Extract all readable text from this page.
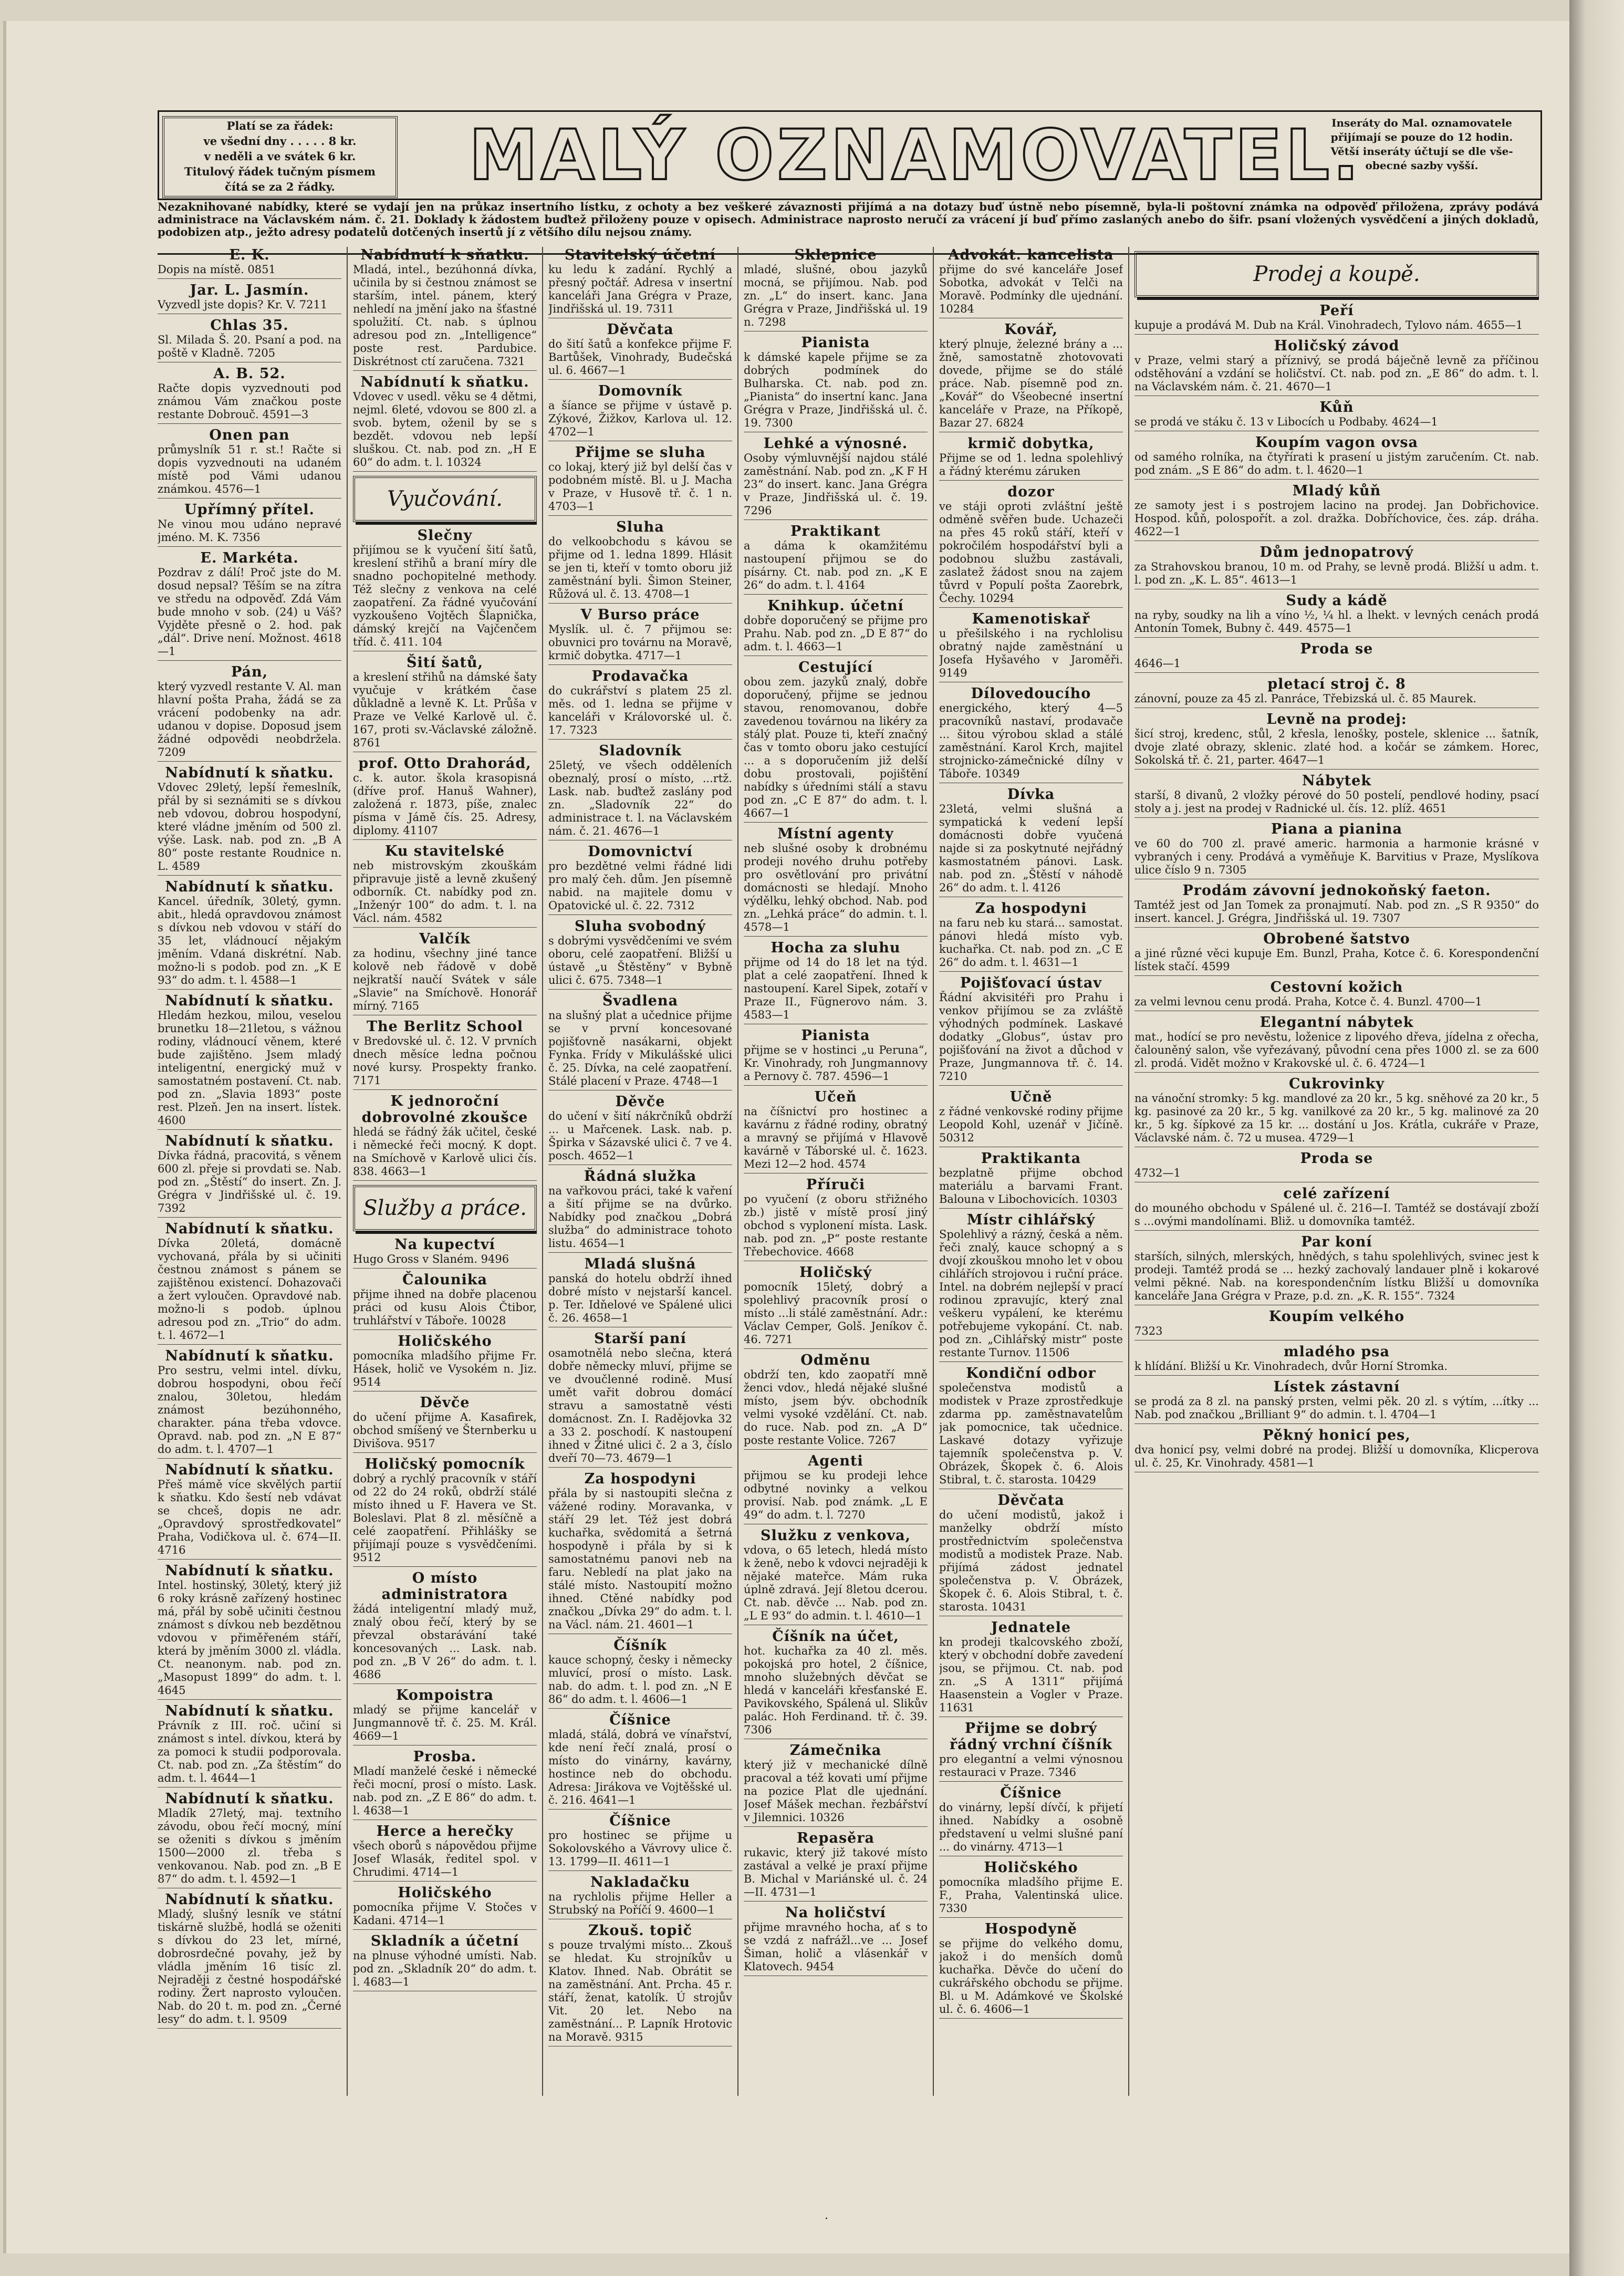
Platí se za řádek:
ve všední dny . . . . . 8 kr.
v neděli a ve svátek 6 kr.
Titulový řádek tučným písmem
čítá se za 2 řádky.	MALÝ OZNAMOVATEL.
Inseráty do Mal. oznamovatele
přijímají se pouze do 12 hodin.
Větší inseráty účtují se dle vše-
obecné sazby vyšší.
Nezaknihované nabídky, které se vydají jen na průkaz insertního lístku, z ochoty a bez veškeré závaznosti přijímá a na dotazy buď ústně nebo písemně, byla-li poštovní známka na odpověď přiložena, zprávy podává administrace na Václavském nám. č. 21. Doklady k žádostem buďtež přiloženy pouze v opisech. Administrace naprosto neručí za vrácení jí buď přímo zaslaných anebo do šifr. psaní vložených vysvědčení a jiných dokladů, podobizen atp., ježto adresy podatelů dotčených insertů jí z většího dílu nejsou známy.
E. K.
Dopis na místě. 0851
Jar. L. Jasmín.
Vyzvedl jste dopis? Kr. V. 7211
Chlas 35.
Sl. Milada Š. 20. Psaní a pod. na poště v Kladně. 7205
A. B. 52.
Račte dopis vyzvednouti pod známou Vám značkou poste restante Dobrouč. 4591—3
Onen pan
průmyslník 51 r. st.! Račte si dopis vyzvednouti na udaném místě pod Vámi udanou známkou. 4576—1
Upřímný přítel.
Ne vinou mou udáno nepravé jméno. M. K. 7356
E. Markéta.
Pozdrav z dálí! Proč jste do M. dosud nepsal? Těším se na zítra ve středu na odpověď. Zdá Vám bude mnoho v sob. (24) u Váš? Vyjděte přesně o 2. hod. pak „dál“. Drive není. Možnost. 4618—1
Pán,
který vyzvedl restante V. Al. man hlavní pošta Praha, žádá se za vrácení podobenky na adr. udanou v dopise. Doposud jsem žádné odpovědi neobdržela. 7209
Nabídnutí k sňatku.
Vdovec 29letý, lepší řemeslník, přál by si seznámiti se s dívkou neb vdovou, dobrou hospodyní, které vládne jměním od 500 zl. výše. Lask. nab. pod zn. „B A 80“ poste restante Roudnice n. L. 4589
Nabídnutí k sňatku.
Kancel. úředník, 30letý, gymn. abit., hledá opravdovou známost s dívkou neb vdovou v stáří do 35 let, vládnoucí nějakým jměním. Vdaná diskrétní. Nab. možno-li s podob. pod zn. „K E 93“ do adm. t. l. 4588—1
Nabídnutí k sňatku.
Hledám hezkou, milou, veselou brunetku 18—21letou, s vážnou rodiny, vládnoucí věnem, které bude zajištěno. Jsem mladý inteligentní, energický muž v samostatném postavení. Ct. nab. pod zn. „Slavia 1893“ poste rest. Plzeň. Jen na insert. lístek. 4600
Nabídnutí k sňatku.
Dívka řádná, pracovitá, s věnem 600 zl. přeje si provdati se. Nab. pod zn. „Štěstí“ do insert. Zn. J. Grégra v Jindřišské ul. č. 19. 7392
Nabídnutí k sňatku.
Dívka 20letá, domácně vychovaná, přála by si učiniti čestnou známost s pánem se zajištěnou existencí. Dohazovači a žert vyloučen. Opravdové nab. možno-li s podob. úplnou adresou pod zn. „Trio“ do adm. t. l. 4672—1
Nabídnutí k sňatku.
Pro sestru, velmi intel. dívku, dobrou hospodyni, obou řečí znalou, 30letou, hledám známost bezúhonného, charakter. pána třeba vdovce. Opravd. nab. pod zn. „N E 87“ do adm. t. l. 4707—1
Nabídnutí k sňatku.
Přeš mámě více skvělých partií k sňatku. Kdo šestí neb vdávat se chceš, dopis ne adr. „Opravdový sprostředkovatel“ Praha, Vodičkova ul. č. 674—II. 4716
Nabídnutí k sňatku.
Intel. hostinský, 30letý, který již 6 roky krásně zařízený hostinec má, přál by sobě učiniti čestnou známost s dívkou neb bezdětnou vdovou v přiměřeném stáří, která by jměním 3000 zl. vládla. Ct. neanonym. nab. pod zn. „Masopust 1899“ do adm. t. l. 4645
Nabídnutí k sňatku.
Právník z III. roč. učiní si známost s intel. dívkou, která by za pomoci k studii podporovala. Ct. nab. pod zn. „Za štěstím“ do adm. t. l. 4644—1
Nabídnutí k sňatku.
Mladík 27letý, maj. textního závodu, obou řečí mocný, míní se oženiti s dívkou s jměním 1500—2000 zl. třeba s venkovanou. Nab. pod zn. „B E 87“ do adm. t. l. 4592—1
Nabídnutí k sňatku.
Mladý, slušný lesník ve státní tiskárně službě, hodlá se oženiti s dívkou do 23 let, mírné, dobrosrdečné povahy, jež by vládla jměním 16 tisíc zl. Nejraději z čestné hospodářské rodiny. Žert naprosto vyloučen. Nab. do 20 t. m. pod zn. „Černé lesy“ do adm. t. l. 9509
Nabídnutí k sňatku.
Mladá, intel., bezúhonná dívka, učinila by si čestnou známost se starším, intel. pánem, který nehledí na jmění jako na šťastné spolužití. Ct. nab. s úplnou adresou pod zn. „Intelligence“ poste rest. Pardubice. Diskrétnost ctí zaručena. 7321
Nabídnutí k sňatku.
Vdovec v usedl. věku se 4 dětmi, nejml. 6leté, vdovou se 800 zl. a svob. bytem, oženil by se s bezdět. vdovou neb lepší sluškou. Ct. nab. pod zn. „H E 60“ do adm. t. l. 10324
Vyučování.
Slečny
přijímou se k vyučení šití šatů, kreslení střihů a braní míry dle snadno pochopitelné methody. Též slečny z venkova na celé zaopatření. Za řádné vyučování vyzkoušeno Vojtěch Šlapnička, dámský krejčí na Vajčenčem tříd. č. 411. 104
Šití šatů,
a kreslení střihů na dámské šaty vyučuje v krátkém čase důkladně a levně K. Lt. Průša v Praze ve Velké Karlově ul. č. 167, proti sv.-Václavské záložně. 8761
prof. Otto Drahorád,
c. k. autor. škola krasopisná (dříve prof. Hanuš Wahner), založená r. 1873, píše, znalec písma v Jámě čís. 25. Adresy, diplomy. 41107
Ku stavitelské
neb mistrovským zkouškám připravuje jistě a levně zkušený odborník. Ct. nabídky pod zn. „Inženýr 100“ do adm. t. l. na Václ. nám. 4582
Valčík
za hodinu, všechny jiné tance kolově neb řádově v době nejkratší naučí Svátek v sále „Slavie“ na Smíchově. Honorář mírný. 7165
The Berlitz School
v Bredovské ul. č. 12. V prvních dnech měsíce ledna počnou nové kursy. Prospekty franko. 7171
K jednoroční dobrovolné zkoušce
hledá se řádný žák učitel, české i německé řeči mocný. K dopt. na Smíchově v Karlově ulici čís. 838. 4663—1
Služby a práce.
Na kupectví
Hugo Gross v Slaném. 9496
Čalounika
přijme ihned na dobře placenou práci od kusu Alois Čtibor, truhlářství v Táboře. 10028
Holičského
pomocníka mladšího přijme Fr. Hásek, holič ve Vysokém n. Jiz. 9514
Děvče
do učení přijme A. Kasafirek, obchod smíšený ve Šternberku u Divišova. 9517
Holičský pomocník
dobrý a rychlý pracovník v stáří od 22 do 24 roků, obdrží stálé místo ihned u F. Havera ve St. Boleslavi. Plat 8 zl. měsíčně a celé zaopatření. Přihlášky se přijímají pouze s vysvědčeními. 9512
O místo administratora
žádá inteligentní mladý muž, znalý obou řečí, který by se převzal obstarávání také koncesovaných ... Lask. nab. pod zn. „B V 26“ do adm. t. l. 4686
Kompoistra
mladý se přijme kancelář v Jungmannově tř. č. 25. M. Král. 4669—1
Prosba.
Mladí manželé české i německé řeči mocní, prosí o místo. Lask. nab. pod zn. „Z E 86“ do adm. t. l. 4638—1
Herce a herečky
všech oborů s nápovědou přijme Josef Wlasák, ředitel spol. v Chrudimi. 4714—1
Holičského
pomocníka přijme V. Stočes v Kadani. 4714—1
Skladník a účetní
na plnuse výhodné umísti. Nab. pod zn. „Skladník 20“ do adm. t. l. 4683—1
Stavitelský účetní
ku ledu k zadání. Rychlý a přesný počtář. Adresa v insertní kanceláři Jana Grégra v Praze, Jindřišská ul. 19. 7311
Děvčata
do šití šatů a konfekce přijme F. Bartůšek, Vinohrady, Budečská ul. 6. 4667—1
Domovník
a šíance se přijme v ústavě p. Zýkové, Žižkov, Karlova ul. 12. 4702—1
Přijme se sluha
co lokaj, který již byl delší čas v podobném místě. Bl. u J. Macha v Praze, v Husově tř. č. 1 n. 4703—1
Sluha
do velkoobchodu s kávou se přijme od 1. ledna 1899. Hlásit se jen ti, kteří v tomto oboru již zaměstnání byli. Šimon Steiner, Růžová ul. č. 13. 4708—1
V Burso práce
Myslík. ul. č. 7 přijmou se: obuvnici pro továrnu na Moravě, krmič dobytka. 4717—1
Prodavačka
do cukrářství s platem 25 zl. měs. od 1. ledna se přijme v kanceláři v Královorské ul. č. 17. 7323
Sladovník
25letý, ve všech odděleních obeznalý, prosí o místo, ...rtž. Lask. nab. buďtež zaslány pod zn. „Sladovník 22“ do administrace t. l. na Václavském nám. č. 21. 4676—1
Domovnictví
pro bezdětné velmi řádné lidi pro malý čeh. dům. Jen písemně nabid. na majitele domu v Opatovické ul. č. 22. 7312
Sluha svobodný
s dobrými vysvědčeními ve svém oboru, celé zaopatření. Bližší u ústavě „u Štěstěny“ v Bybně ulici č. 675. 7348—1
Švadlena
na slušný plat a učednice přijme se v první koncesované pojišťovně nasákarni, objekt Fynka. Frídy v Mikulášské ulici č. 25. Dívka, na celé zaopatření. Stálé placení v Praze. 4748—1
Děvče
do učení v šití nákrčníků obdrží ... u Mařcenek. Lask. nab. p. Špirka v Sázavské ulici č. 7 ve 4. posch. 4652—1
Řádná služka
na vařkovou práci, také k vaření a šití přijme se na dvůrko. Nabídky pod značkou „Dobrá služba“ do administrace tohoto listu. 4654—1
Mladá slušná
panská do hotelu obdrží ihned dobré místo v nejstarší kancel. p. Ter. Idňelové ve Spálené ulici č. 26. 4658—1
Starší paní
osamotnělá nebo slečna, která dobře německy mluví, přijme se ve dvoučlenné rodině. Musí umět vařit dobrou domácí stravu a samostatně vésti domácnost. Zn. I. Radějovka 32 a 33 2. poschodí. K nastoupení ihned v Žitné ulici č. 2 a 3, číslo dveří 70—73. 4679—1
Za hospodyni
přála by si nastoupiti slečna z vážené rodiny. Moravanka, v stáří 29 let. Též jest dobrá kuchařka, svědomitá a šetrná hospodyně i přála by si k samostatnému panovi neb na faru. Nebledí na plat jako na stálé místo. Nastoupití možno ihned. Ctěné nabídky pod značkou „Dívka 29“ do adm. t. l. na Václ. nám. 21. 4601—1
Číšník
kauce schopný, česky i německy mluvící, prosí o místo. Lask. nab. do adm. t. l. pod zn. „N E 86“ do adm. t. l. 4606—1
Číšnice
mladá, stálá, dobrá ve vínařství, kde není řečí znalá, prosí o místo do vinárny, kavárny, hostince neb do obchodu. Adresa: Jirákova ve Vojtěšské ul. č. 216. 4641—1
Číšnice
pro hostinec se přijme u Sokolovského a Vávrovy ulice č. 13. 1799—II. 4611—1
Nakladačku
na rychlolis přijme Heller a Strubský na Poříčí 9. 4600—1
Zkouš. topič
s pouze trvalými místo... Zkouš se hledat. Ku strojníkův u Klatov. Ihned. Nab. Obrátit se na zaměstnání. Ant. Prcha. 45 r. stáří, ženat, katolík. Ú strojův Vit. 20 let. Nebo na zaměstnání... P. Lapník Hrotovic na Moravě. 9315
Sklepnice
mladé, slušné, obou jazyků mocná, se přijímou. Nab. pod zn. „L“ do insert. kanc. Jana Grégra v Praze, Jindřišská ul. 19 n. 7298
Pianista
k dámské kapele přijme se za dobrých podmínek do Bulharska. Ct. nab. pod zn. „Pianista“ do insertní kanc. Jana Grégra v Praze, Jindřišská ul. č. 19. 7300
Lehké a výnosné.
Osoby výmluvnější najdou stálé zaměstnání. Nab. pod zn. „K F H 23“ do insert. kanc. Jana Grégra v Praze, Jindřišská ul. č. 19. 7296
Praktikant
a dáma k okamžitému nastoupení přijmou se do písárny. Ct. nab. pod zn. „K E 26“ do adm. t. l. 4164
Knihkup. účetní
dobře doporučený se přijme pro Prahu. Nab. pod zn. „D E 87“ do adm. t. l. 4663—1
Cestující
obou zem. jazyků znalý, dobře doporučený, přijme se jednou stavou, renomovanou, dobře zavedenou továrnou na likéry za stálý plat. Pouze ti, kteří značný čas v tomto oboru jako cestující ... a s doporučením již delší dobu prostovali, pojištění nabídky s úředními stálí a stavu pod zn. „C E 87“ do adm. t. l. 4667—1
Místní agenty
neb slušné osoby k drobnému prodeji nového druhu potřeby pro osvětlování pro privátní domácnosti se hledají. Mnoho výdělku, lehký obchod. Nab. pod zn. „Lehká práce“ do admin. t. l. 4578—1
Hocha za sluhu
přijme od 14 do 18 let na týd. plat a celé zaopatření. Ihned k nastoupení. Karel Sipek, zotaří v Praze II., Fügnerovo nám. 3. 4583—1
Pianista
přijme se v hostinci „u Peruna“, Kr. Vinohrady, roh Jungmannovy a Pernovy č. 787. 4596—1
Učeň
na číšnictví pro hostinec a kavárnu z řádné rodiny, obratný a mravný se přijímá v Hlavově kavárně v Táborské ul. č. 1623. Mezi 12—2 hod. 4574
Příruči
po vyučení (z oboru střižného zb.) jistě v místě prosí jiný obchod s vyplonení místa. Lask. nab. pod zn. „P“ poste restante Třebechovice. 4668
Holičský
pomocník 15letý, dobrý a spolehlivý pracovník prosí o místo ...li stálé zaměstnání. Adr.: Václav Cemper, Golš. Jeníkov č. 46. 7271
Odměnu
obdrží ten, kdo zaopatří mně ženci vdov., hledá nějaké slušné místo, jsem býv. obchodník velmi vysoké vzdělání. Ct. nab. do ruce. Nab. pod zn. „A D“ poste restante Volice. 7267
Agenti
přijmou se ku prodeji lehce odbytné novinky a velkou provisí. Nab. pod známk. „L E 49“ do adm. t. l. 7270
Služku z venkova,
vdova, o 65 letech, hledá místo k ženě, nebo k vdovci nejraději k nějaké mateřce. Mám ruka úplně zdravá. Její 8letou dcerou. Ct. nab. děvče ... Nab. pod zn. „L E 93“ do admin. t. l. 4610—1
Číšník na účet,
hot. kuchařka za 40 zl. měs. pokojská pro hotel, 2 číšnice, mnoho služebných děvčat se hledá v kanceláři křesťanské E. Pavikovského, Spálená ul. Slikův palác. Hoh Ferdinand. tř. č. 39. 7306
Zámečnika
který již v mechanické dílně pracoval a též kovati umí přijme na pozice Plat dle ujednání. Josef Mášek mechan. řezbářství v Jilemnici. 10326
Repasěra
rukavic, který již takové místo zastával a velké je praxí přijme B. Michal v Mariánské ul. č. 24—II. 4731—1
Na holičství
přijme mravného hocha, ať s to se vzdá z nafrážl...ve ... Josef Šiman, holič a vlásenkář v Klatovech. 9454
Advokát. kancelista
přijme do své kanceláře Josef Sobotka, advokát v Telči na Moravě. Podmínky dle ujednání. 10284
Kovář,
který plnuje, železné brány a ... žně, samostatně zhotovovati dovede, přijme se do stálé práce. Nab. písemně pod zn. „Kovář“ do Všeobecné insertní kanceláře v Praze, na Příkopě, Bazar 27. 6824
krmič dobytka,
Přijme se od 1. ledna spolehlivý a řádný kterému záruken
dozor
ve stáji oproti zvláštní ještě odměně svěřen bude. Uchazeči na přes 45 roků stáří, kteří v pokročilém hospodářství byli a podobnou službu zastávali, zaslatež žádost snou na zajem tůvrd v Populí pošta Zaorebrk, Čechy. 10294
Kamenotiskař
u přešilského i na rychlolisu obratný najde zaměstnání u Josefa Hyšavého v Jaroměři. 9149
Dílovedoucího
energického, který 4—5 pracovníků nastaví, prodavače ... šitou výrobou sklad a stálé zaměstnání. Karol Krch, majitel strojnicko-zámečnické dílny v Táboře. 10349
Dívka
23letá, velmi slušná a sympatická k vedení lepší domácnosti dobře vyučená najde si za poskytnuté nejřádný kasmostatném pánovi. Lask. nab. pod zn. „Štěstí v náhodě 26“ do adm. t. l. 4126
Za hospodyni
na faru neb ku stará... samostat. pánovi hledá místo vyb. kuchařka. Ct. nab. pod zn. „C E 26“ do adm. t. l. 4631—1
Pojišťovací ústav
Řádní akvisitéři pro Prahu i venkov přijímou se za zvláště výhodných podmínek. Laskavé dodatky „Globus“, ústav pro pojišťování na život a důchod v Praze, Jungmannova tř. č. 14. 7210
Učně
z řádné venkovské rodiny přijme Leopold Kohl, uzenář v Jičíně. 50312
Praktikanta
bezplatně přijme obchod materiálu a barvami Frant. Balouna v Libochovicích. 10303
Místr cihlářský
Spolehlivý a rázný, česká a něm. řeči znalý, kauce schopný a s dvojí zkouškou mnoho let v obou cihlářích strojovou i ruční práce. Intel. na dobrém nejlepší v prací rodinou zpravujíc, který znal veškeru vypálení, ke kterému potřebujeme vykopání. Ct. nab. pod zn. „Cihlářský mistr“ poste restante Turnov. 11506
Kondiční odbor
společenstva modistů a modistek v Praze zprostředkuje zdarma pp. zaměstnavatelům jak pomocnice, tak učednice. Laskavé dotazy vyřizuje tajemník společenstva p. V. Obrázek, Škopek č. 6. Alois Stibral, t. č. starosta. 10429
Děvčata
do učení modistů, jakož i manželky obdrží místo prostřednictvím společenstva modistů a modistek Praze. Nab. přijímá zádost jednatel společenstva p. V. Obrázek, Škopek č. 6. Alois Stibral, t. č. starosta. 10431
Jednatele
kn prodeji tkalcovského zboží, který v obchodní dobře zavedení jsou, se přijmou. Ct. nab. pod zn. „S A 1311“ přijímá Haasenstein a Vogler v Praze. 11631
Přijme se dobrý řádný vrchní číšník
pro elegantní a velmi výnosnou restauraci v Praze. 7346
Číšnice
do vinárny, lepší dívčí, k přijetí ihned. Nabídky a osobně představení u velmi slušné paní ... do vinárny. 4713—1
Holičského
pomocníka mladšího přijme E. F., Praha, Valentinská ulice. 7330
Hospodyně
se přijme do velkého domu, jakož i do menších domů kuchařka. Děvče do učení do cukrářského obchodu se přijme. Bl. u M. Adámkové ve Školské ul. č. 6. 4606—1
Prodej a koupě.
Peří
kupuje a prodává M. Dub na Král. Vinohradech, Tylovo nám. 4655—1
Holičský závod
v Praze, velmi starý a příznivý, se prodá báječně levně za příčinou odstěhování a vzdání se holičství. Ct. nab. pod zn. „E 86“ do adm. t. l. na Václavském nám. č. 21. 4670—1
Kůň
se prodá ve stáku č. 13 v Libocích u Podbaby. 4624—1
Koupím vagon ovsa
od samého rolníka, na čtyřírati k prasení u jistým zaručením. Ct. nab. pod znám. „S E 86“ do adm. t. l. 4620—1
Mladý kůň
ze samoty jest i s postrojem lacino na prodej. Jan Dobřichovice. Hospod. kůň, polospořít. a zol. dražka. Dobříchovice, čes. záp. dráha. 4622—1
Dům jednopatrový
za Strahovskou branou, 10 m. od Prahy, se levně prodá. Bližší u adm. t. l. pod zn. „K. L. 85“. 4613—1
Sudy a kádě
na ryby, soudky na lih a víno ½, ¼ hl. a lhekt. v levných cenách prodá Antonín Tomek, Bubny č. 449. 4575—1
Proda se
4646—1
pletací stroj č. 8
zánovní, pouze za 45 zl. Panráce, Třebizská ul. č. 85 Maurek.
Levně na prodej:
šicí stroj, kredenc, stůl, 2 křesla, lenošky, postele, sklenice ... šatník, dvoje zlaté obrazy, sklenic. zlaté hod. a kočár se zámkem. Horec, Sokolská tř. č. 21, parter. 4647—1
Nábytek
starší, 8 divanů, 2 vložky pérové do 50 postelí, pendlové hodiny, psací stoly a j. jest na prodej v Radnické ul. čís. 12. plíž. 4651
Piana a pianina
ve 60 do 700 zl. pravé americ. harmonia a harmonie krásné v vybraných i ceny. Prodává a vyměňuje K. Barvitius v Praze, Myslíkova ulice číslo 9 n. 7305
Prodám závovní jednokoňský faeton.
Tamtéž jest od Jan Tomek za pronajmutí. Nab. pod zn. „S R 9350“ do insert. kancel. J. Grégra, Jindřišská ul. 19. 7307
Obrobené šatstvo
a jiné různé věci kupuje Em. Bunzl, Praha, Kotce č. 6. Korespondenční lístek stačí. 4599
Cestovní kožich
za velmi levnou cenu prodá. Praha, Kotce č. 4. Bunzl. 4700—1
Elegantní nábytek
mat., hodící se pro nevěstu, loženice z lipového dřeva, jídelna z ořecha, čalouněný salon, vše vyřezávaný, původní cena přes 1000 zl. se za 600 zl. prodá. Vidět možno v Krakovské ul. č. 6. 4724—1
Cukrovinky
na vánoční stromky: 5 kg. mandlové za 20 kr., 5 kg. sněhové za 20 kr., 5 kg. pasinové za 20 kr., 5 kg. vanilkové za 20 kr., 5 kg. malinové za 20 kr., 5 kg. šípkové za 15 kr. ... dostání u Jos. Krátla, cukráře v Praze, Václavské nám. č. 72 u musea. 4729—1
Proda se
4732—1
celé zařízení
do mouného obchodu v Spálené ul. č. 216—I. Tamtéž se dostávají zboží s ...ovými mandolínami. Bliž. u domovníka tamtéž.
Par koní
starších, silných, mlerských, hnědých, s tahu spolehlivých, svinec jest k prodeji. Tamtéž prodá se ... hezký zachovalý landauer plně i kokarové velmi pěkné. Nab. na korespondenčním lístku Bližší u domovníka kanceláře Jana Grégra v Praze, p.d. zn. „K. R. 155“. 7324
Koupím velkého
7323
mladého psa
k hlídání. Bližší u Kr. Vinohradech, dvůr Horní Stromka.
Lístek zástavní
se prodá za 8 zl. na panský prsten, velmi pěk. 20 zl. s výtím, ...ítky ... Nab. pod značkou „Brilliant 9“ do admin. t. l. 4704—1
Pěkný honicí pes,
dva honicí psy, velmi dobré na prodej. Bližší u domovníka, Klicperova ul. č. 25, Kr. Vinohrady. 4581—1
·
